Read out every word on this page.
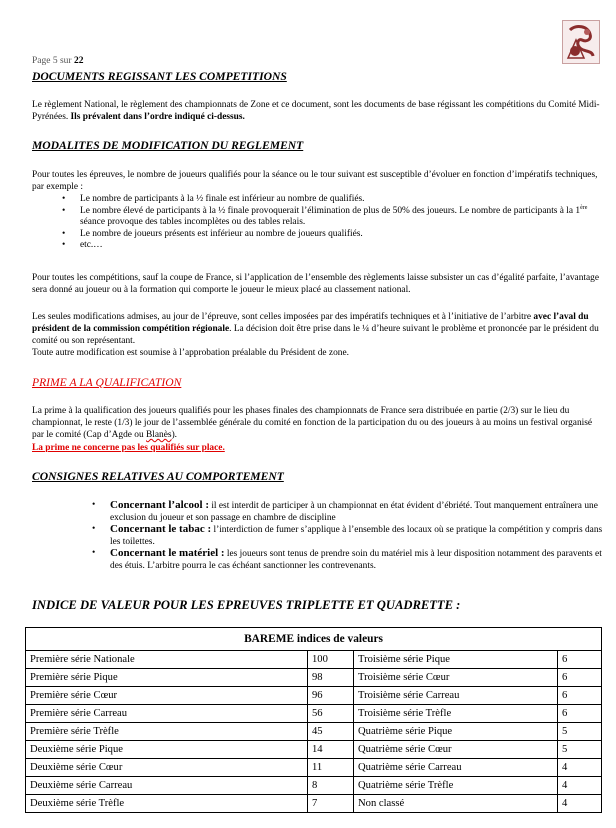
Page 5 sur 22
DOCUMENTS REGISSANT LES COMPETITIONS
Le règlement National, le règlement des championnats de Zone et ce document, sont les documents de base régissant les compétitions du Comité Midi-Pyrénées. Ils prévalent dans l’ordre indiqué ci-dessus.
MODALITES DE MODIFICATION DU REGLEMENT
Pour toutes les épreuves, le nombre de joueurs qualifiés pour la séance ou le tour suivant est susceptible d’évoluer en fonction d’impératifs techniques, par exemple :
• Le nombre de participants à la ½ finale est inférieur au nombre de qualifiés.
• Le nombre élevé de participants à la ½ finale provoquerait l’élimination de plus de 50% des joueurs. Le nombre de participants à la 1ère séance provoque des tables incomplètes ou des tables relais.
• Le nombre de joueurs présents est inférieur au nombre de joueurs qualifiés.
• etc.…
Pour toutes les compétitions, sauf la coupe de France, si l’application de l’ensemble des règlements laisse subsister un cas d’égalité parfaite, l’avantage sera donné au joueur ou à la formation qui comporte le joueur le mieux placé au classement national.
Les seules modifications admises, au jour de l’épreuve, sont celles imposées par des impératifs techniques et à l’initiative de l’arbitre avec l’aval du président de la commission compétition régionale. La décision doit être prise dans le ¼ d’heure suivant le problème et prononcée par le président du comité ou son représentant.
Toute autre modification est soumise à l’approbation préalable du Président de zone.
PRIME A LA QUALIFICATION
La prime à la qualification des joueurs qualifiés pour les phases finales des championnats de France sera distribuée en partie (2/3) sur le lieu du championnat, le reste (1/3) le jour de l’assemblée générale du comité en fonction de la participation du ou des joueurs à au moins un festival organisé par le comité (Cap d’Agde ou Blanès).
La prime ne concerne pas les qualifiés sur place.
CONSIGNES RELATIVES AU COMPORTEMENT
• Concernant l’alcool : il est interdit de participer à un championnat en état évident d’ébriété. Tout manquement entraînera une exclusion du joueur et son passage en chambre de discipline
• Concernant le tabac : l’interdiction de fumer s’applique à l’ensemble des locaux où se pratique la compétition y compris dans les toilettes.
• Concernant le matériel : les joueurs sont tenus de prendre soin du matériel mis à leur disposition notamment des paravents et des étuis. L’arbitre pourra le cas échéant sanctionner les contrevenants.
INDICE DE VALEUR POUR LES EPREUVES TRIPLETTE ET QUADRETTE :
BAREME indices de valeurs			
Première série Nationale	100	Troisième série Pique	6
Première série Pique	98	Troisième série Cœur	6
Première série Cœur	96	Troisième série Carreau	6
Première série Carreau	56	Troisième série Trèfle	6
Première série Trèfle	45	Quatrième série Pique	5
Deuxième série Pique	14	Quatrième série Cœur	5
Deuxième série Cœur	11	Quatrième série Carreau	4
Deuxième série Carreau	8	Quatrième série Trèfle	4
Deuxième série Trèfle	7	Non classé	4
